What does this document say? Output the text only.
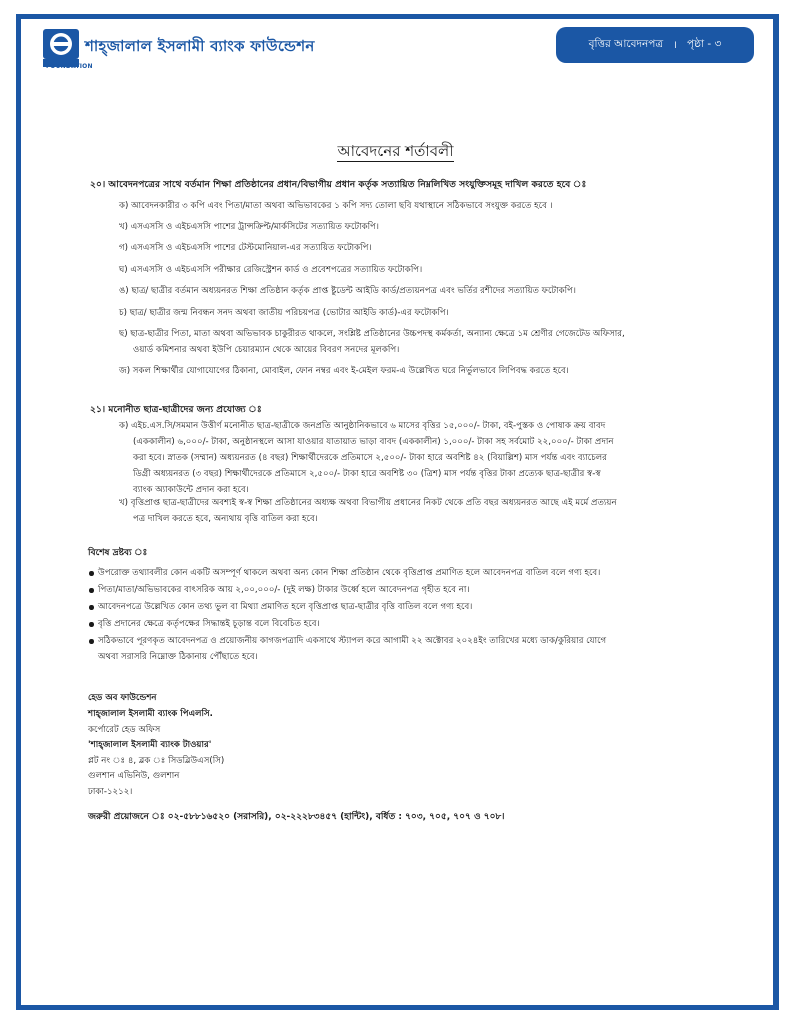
FOUNDATION
শাহ্‌জালাল ইসলামী ব্যাংক ফাউন্ডেশন	বৃত্তির আবেদনপত্র । পৃষ্ঠা - ৩
আবেদনের শর্তাবলী
২০। আবেদনপত্রের সাথে বর্তমান শিক্ষা প্রতিষ্ঠানের প্রধান/বিভাগীয় প্রধান কর্তৃক সত্যায়িত নিম্নলিখিত সংযুক্তিসমূহ দাখিল করতে হবে ঃ
ক) আবেদনকারীর ৩ কপি এবং পিতা/মাতা অথবা অভিভাবকের ১ কপি সদ্য তোলা ছবি যথাস্থানে সঠিকভাবে সংযুক্ত করতে হবে ।
খ) এসএসসি ও এইচএসসি পাশের ট্রান্সক্রিপ্ট/মার্কসিটের সত্যায়িত ফটোকপি।
গ) এসএসসি ও এইচএসসি পাশের টেস্টমোনিয়াল-এর সত্যায়িত ফটোকপি।
ঘ) এসএসসি ও এইচএসসি পরীক্ষার রেজিস্ট্রেশন কার্ড ও প্রবেশপত্রের সত্যায়িত ফটোকপি।
ঙ) ছাত্র/ ছাত্রীর বর্তমান অধ্যয়নরত শিক্ষা প্রতিষ্ঠান কর্তৃক প্রাপ্ত ষ্টুডেন্ট আইডি কার্ড/প্রত্যয়নপত্র এবং ভর্তির রশীদের সত্যায়িত ফটোকপি।
চ) ছাত্র/ ছাত্রীর জন্ম নিবন্ধন সনদ অথবা জাতীয় পরিচয়পত্র (ভোটার আইডি কার্ড)-এর ফটোকপি।
ছ) ছাত্র-ছাত্রীর পিতা, মাতা অথবা অভিভাবক চাকুরীরত থাকলে, সংশ্লিষ্ট প্রতিষ্ঠানের উচ্চপদস্থ কর্মকর্তা, অন্যান্য ক্ষেত্রে ১ম শ্রেণীর গেজেটেড অফিসার,
ওয়ার্ড কমিশনার অথবা ইউপি চেয়ারম্যান থেকে আয়ের বিবরণ সনদের মূলকপি।
জ) সকল শিক্ষার্থীর যোগাযোগের ঠিকানা, মোবাইল, ফোন নম্বর এবং ই-মেইল ফরম-এ উল্লেখিত ঘরে নির্ভুলভাবে লিপিবদ্ধ করতে হবে।
২১। মনোনীত ছাত্র-ছাত্রীদের জন্য প্রযোজ্য ঃ
ক) এইচ.এস.সি/সমমান উত্তীর্ণ মনোনীত ছাত্র-ছাত্রীকে জনপ্রতি আনুষ্ঠানিকভাবে ৬ মাসের বৃত্তির ১৫,০০০/- টাকা, বই-পুস্তক ও পোষাক ক্রয় বাবদ
(এককালীন) ৬,০০০/- টাকা, অনুষ্ঠানস্থলে আসা যাওয়ার যাতায়াত ভাড়া বাবদ (এককালীন) ১,০০০/- টাকা সহ সর্বমোট ২২,০০০/- টাকা প্রদান
করা হবে। স্নাতক (সম্মান) অধ্যয়নরত (৪ বছর) শিক্ষার্থীদেরকে প্রতিমাসে ২,৫০০/- টাকা হারে অবশিষ্ট ৪২ (বিয়াল্লিশ) মাস পর্যন্ত এবং ব্যাচেলর
ডিগ্রী অধ্যয়নরত (৩ বছর) শিক্ষার্থীদেরকে প্রতিমাসে ২,৫০০/- টাকা হারে অবশিষ্ট ৩০ (ত্রিশ) মাস পর্যন্ত বৃত্তির টাকা প্রত্যেক ছাত্র-ছাত্রীর স্ব-স্ব
ব্যাংক অ্যাকাউন্টে প্রদান করা হবে।
খ) বৃত্তিপ্রাপ্ত ছাত্র-ছাত্রীদের অবশ্যই স্ব-স্ব শিক্ষা প্রতিষ্ঠানের অধ্যক্ষ অথবা বিভাগীয় প্রধানের নিকট থেকে প্রতি বছর অধ্যয়নরত আছে এই মর্মে প্রত্যয়ন
পত্র দাখিল করতে হবে, অন্যথায় বৃত্তি বাতিল করা হবে।
বিশেষ দ্রষ্টব্য ঃ
উপরোক্ত তথ্যাবলীর কোন একটি অসম্পূর্ণ থাকলে অথবা অন্য কোন শিক্ষা প্রতিষ্ঠান থেকে বৃত্তিপ্রাপ্ত প্রমাণিত হলে আবেদনপত্র বাতিল বলে গণ্য হবে।
পিতা/মাতা/অভিভাবকের বাৎসরিক আয় ২,০০,০০০/- (দুই লক্ষ) টাকার উর্ধ্বে হলে আবেদনপত্র গৃহীত হবে না।
আবেদনপত্রে উল্লেখিত কোন তথ্য ভুল বা মিথ্যা প্রমাণিত হলে বৃত্তিপ্রাপ্ত ছাত্র-ছাত্রীর বৃত্তি বাতিল বলে গণ্য হবে।
বৃত্তি প্রদানের ক্ষেত্রে কর্তৃপক্ষের সিদ্ধান্তই চূড়ান্ত বলে বিবেচিত হবে।
সঠিকভাবে পূরণকৃত আবেদনপত্র ও প্রয়োজনীয় কাগজপত্রাদি একসাথে স্ট্যাপল করে আগামী ২২ অক্টোবর ২০২৪ইং তারিখের মধ্যে ডাক/কুরিয়ার যোগে
অথবা সরাসরি নিম্নোক্ত ঠিকানায় পৌঁছাতে হবে।
হেড অব ফাউন্ডেশন
শাহ্‌জালাল ইসলামী ব্যাংক পিএলসি.
কর্পোরেট হেড অফিস
'শাহ্‌জালাল ইসলামী ব্যাংক টাওয়ার'
প্লট নং ঃ ৪, ব্লক ঃ সিডব্লিউএস(সি)
গুলশান এভিনিউ, গুলশান
ঢাকা-১২১২।
জরুরী প্রয়োজনে ঃ ০২-৫৮৮১৬৫২০ (সরাসরি), ০২-২২২৮৩৪৫৭ (হান্টিং), বর্ধিত : ৭০৩, ৭০৫, ৭০৭ ও ৭০৮।
